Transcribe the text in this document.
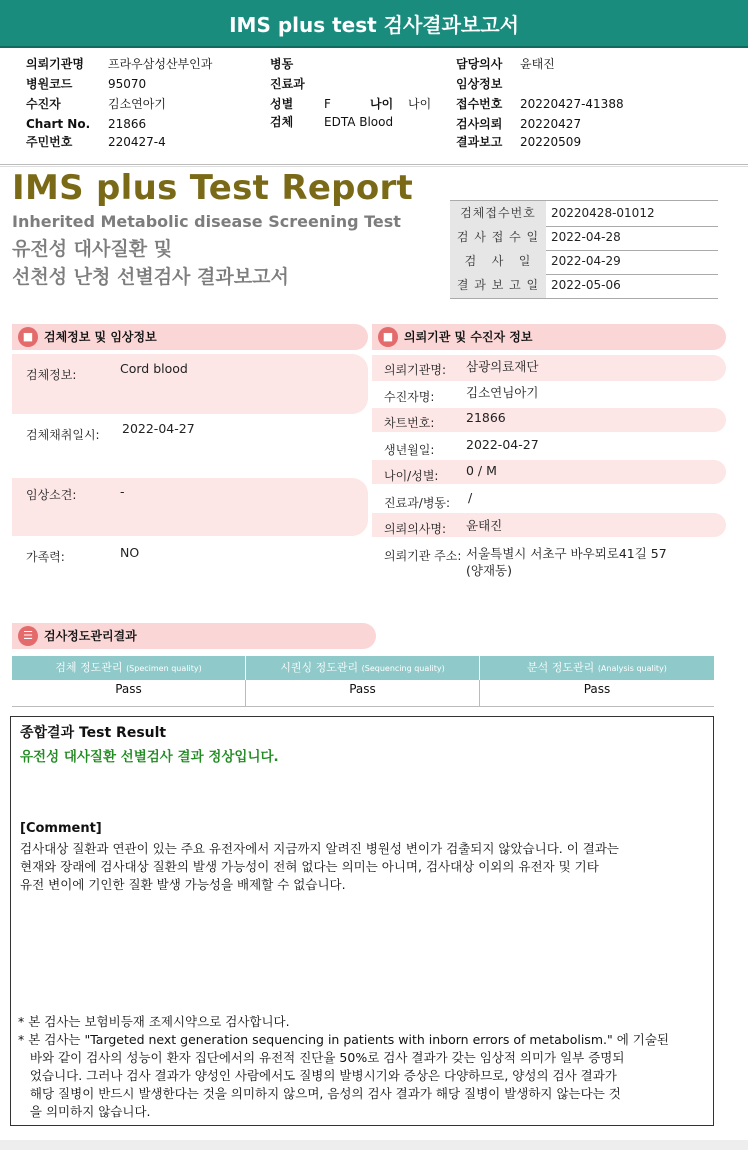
IMS plus test 검사결과보고서
의뢰기관명 프라우삼성산부인과
병원코드	95070
수진자	김소연아기
Chart No. 21866
주민번호	220427-4
병동
진료과
성별	F	나이 나이
검체	EDTA Blood
담당의사 윤태진
임상정보
접수번호 20220427-41388
검사의뢰 20220427
결과보고 20220509
IMS plus Test Report
Inherited Metabolic disease Screening Test
유전성 대사질환 및
선천성 난청 선별검사 결과보고서
검체접수번호	20220428-01012
검 사 접 수 일 2022-04-28
검   사   일	2022-04-29
결 과 보 고 일 2022-05-06
■ 검체정보 및 임상정보
검체정보:	Cord blood
검체채취일시: 2022-04-27
임상소견:	-
가족력:	NO
■ 의뢰기관 및 수진자 정보
의뢰기관명: 삼광의료재단
수진자명:	김소연님아기
차트번호:	21866
생년월일:	2022-04-27
나이/성별: 0 / M
진료과/병동: /
의뢰의사명: 윤태진
의뢰기관 주소: 서울특별시 서초구 바우뫼로41길 57
(양재동)
☰ 검사정도관리결과
검체 정도관리 (Specimen quality)	시퀀싱 정도관리 (Sequencing quality)	분석 정도관리 (Analysis quality)
Pass	Pass	Pass
종합결과 Test Result
유전성 대사질환 선별검사 결과 정상입니다.
[Comment]
검사대상 질환과 연관이 있는 주요 유전자에서 지금까지 알려진 병원성 변이가 검출되지 않았습니다. 이 결과는
현재와 장래에 검사대상 질환의 발생 가능성이 전혀 없다는 의미는 아니며, 검사대상 이외의 유전자 및 기타
유전 변이에 기인한 질환 발생 가능성을 배제할 수 없습니다.
* 본 검사는 보험비등재 조제시약으로 검사합니다.
* 본 검사는 "Targeted next generation sequencing in patients with inborn errors of metabolism." 에 기술된
바와 같이 검사의 성능이 환자 집단에서의 유전적 진단율 50%로 검사 결과가 갖는 임상적 의미가 일부 증명되
었습니다. 그러나 검사 결과가 양성인 사람에서도 질병의 발병시기와 증상은 다양하므로, 양성의 검사 결과가
해당 질병이 반드시 발생한다는 것을 의미하지 않으며, 음성의 검사 결과가 해당 질병이 발생하지 않는다는 것
을 의미하지 않습니다.
